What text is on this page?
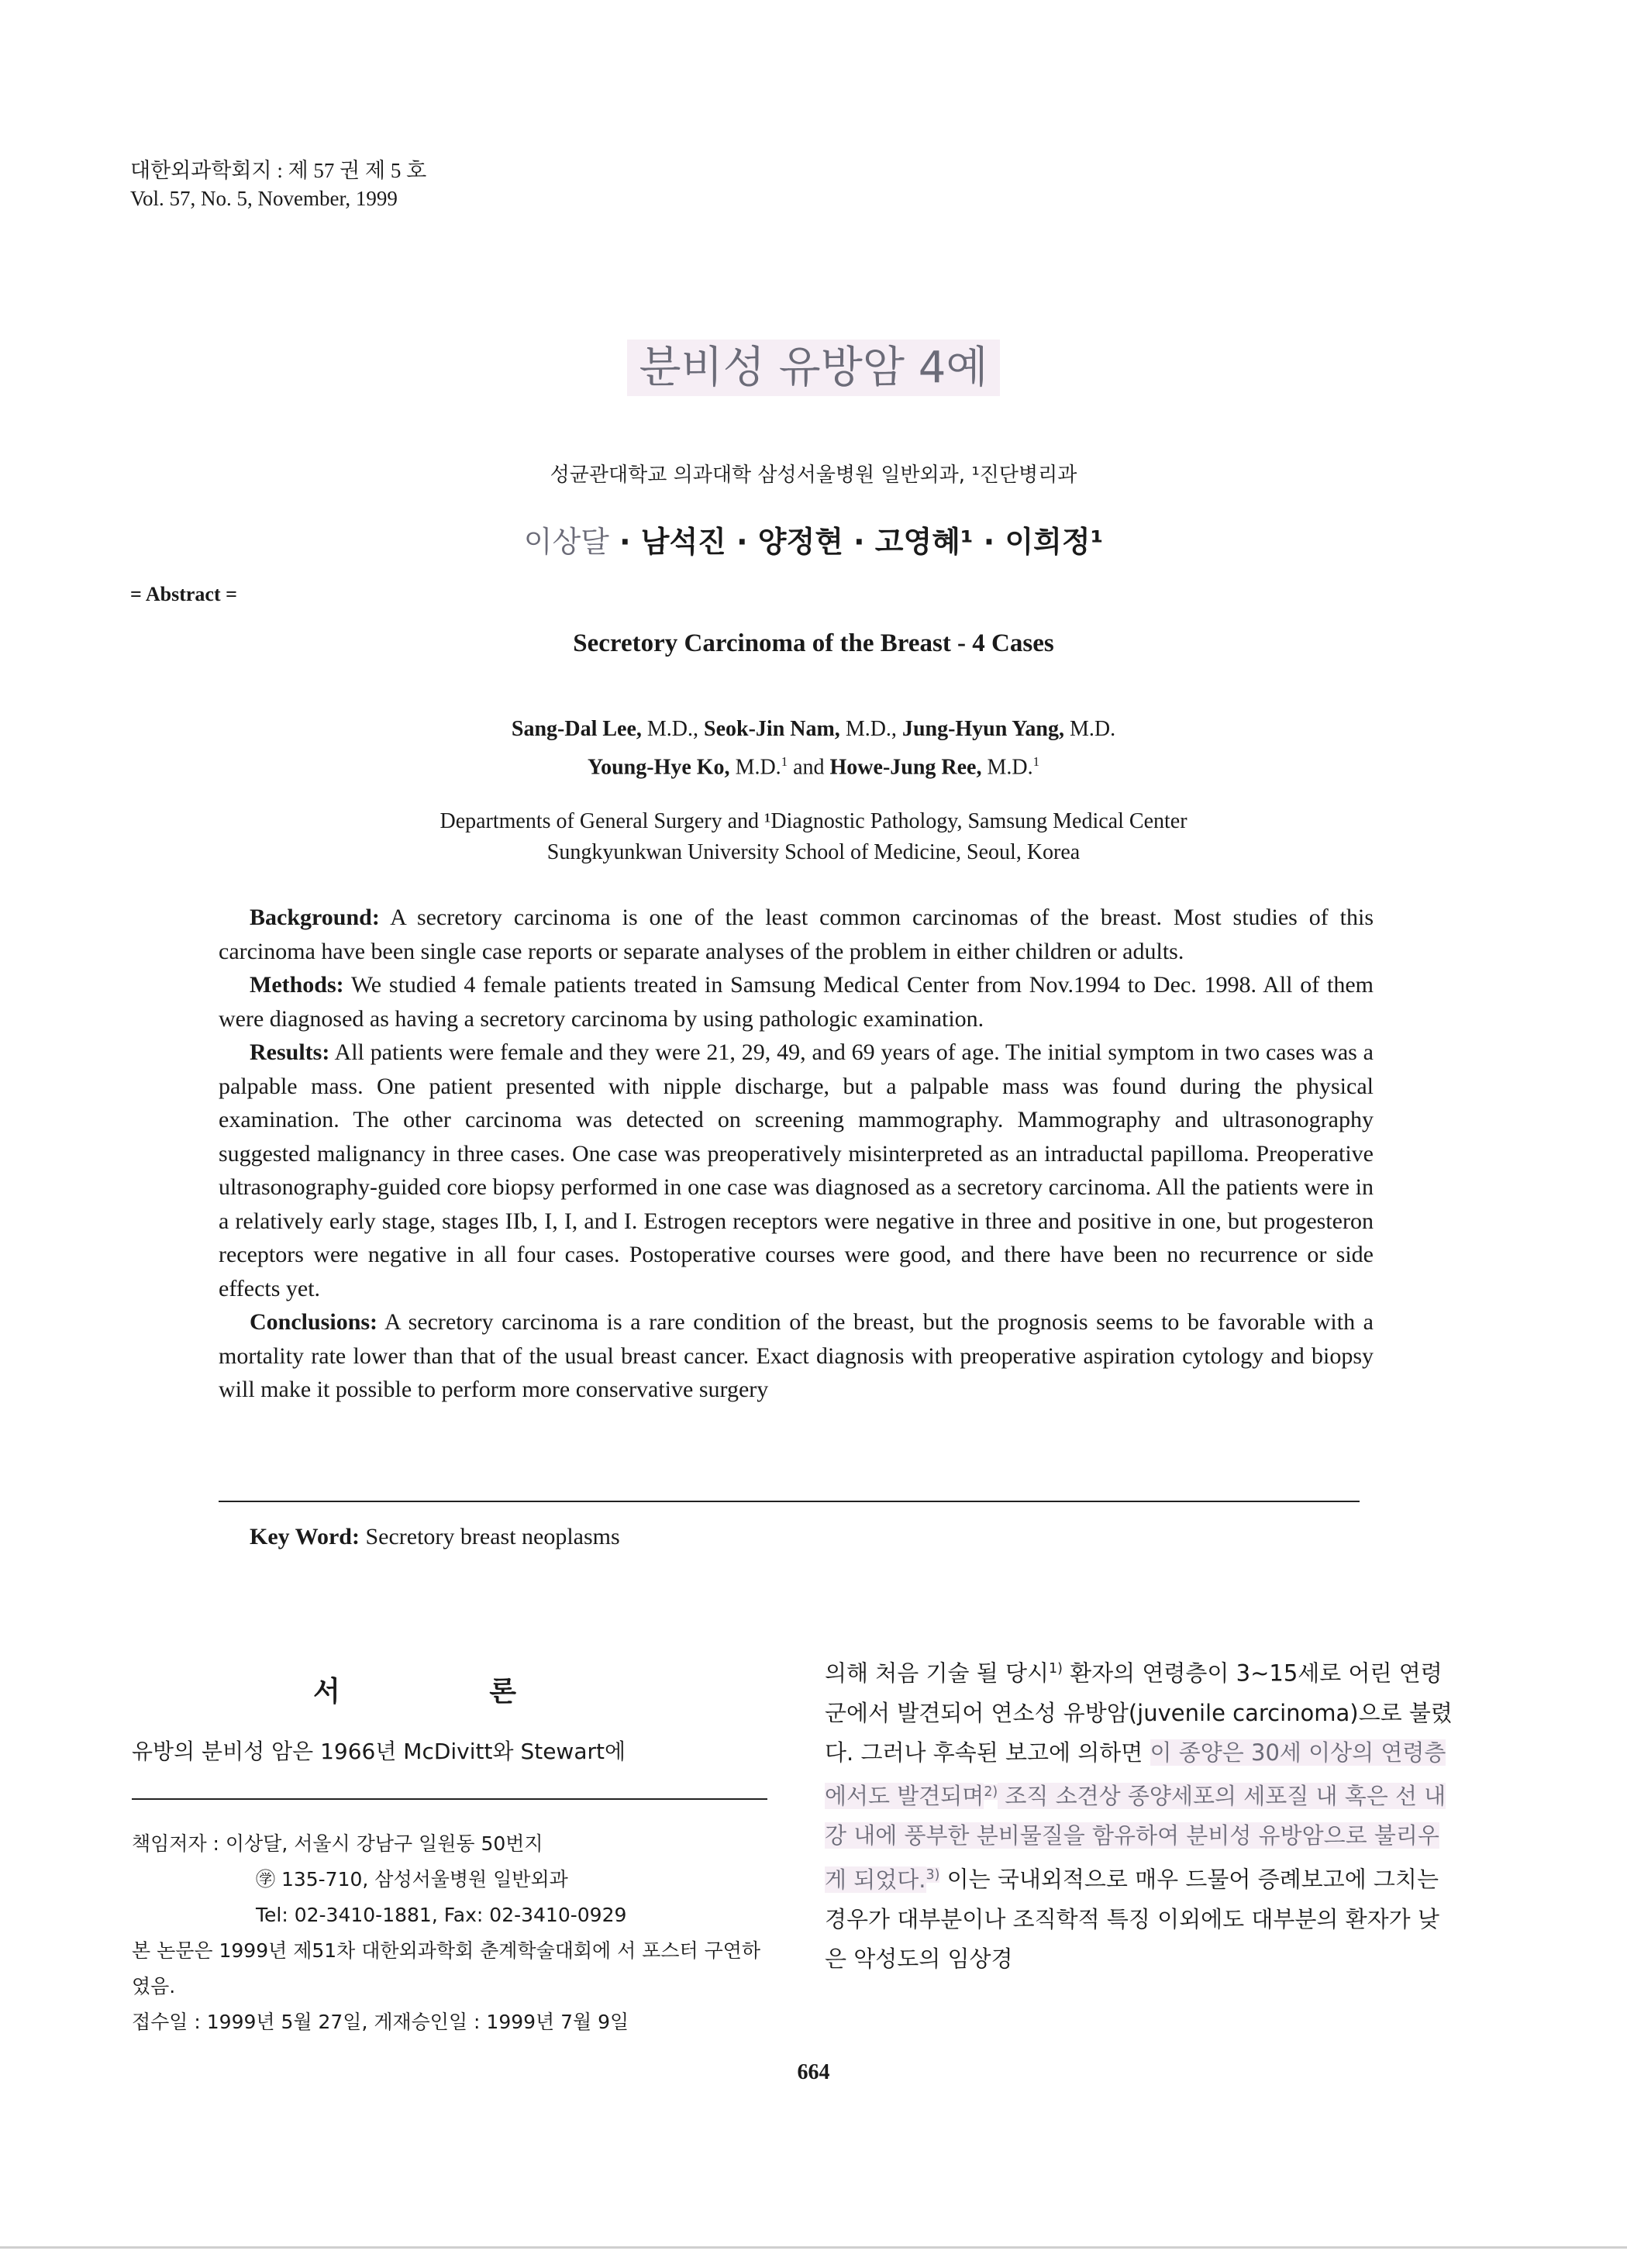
대한외과학회지 : 제 57 권 제 5 호
Vol. 57, No. 5, November, 1999
분비성 유방암 4예
성균관대학교 의과대학 삼성서울병원 일반외과, ¹진단병리과
이상달 · 남석진 · 양정현 · 고영혜¹ · 이희정¹
= Abstract =
Secretory Carcinoma of the Breast - 4 Cases
Sang-Dal Lee, M.D., Seok-Jin Nam, M.D., Jung-Hyun Yang, M.D.
Young-Hye Ko, M.D.$^1$ and Howe-Jung Ree, M.D.$^1$
Departments of General Surgery and ¹Diagnostic Pathology, Samsung Medical Center
Sungkyunkwan University School of Medicine, Seoul, Korea

Background: A secretory carcinoma is one of the least common carcinomas of the breast. Most studies of this carcinoma have been single case reports or separate analyses of the problem in either children or adults.

Methods: We studied 4 female patients treated in Samsung Medical Center from Nov.1994 to Dec. 1998. All of them were diagnosed as having a secretory carcinoma by using pathologic examination.

Results: All patients were female and they were 21, 29, 49, and 69 years of age. The initial symptom in two cases was a palpable mass. One patient presented with nipple discharge, but a palpable mass was found during the physical examination. The other carcinoma was detected on screening mammography. Mammography and ultrasonography suggested malignancy in three cases. One case was preoperatively misinterpreted as an intraductal papilloma. Preoperative ultrasonography-guided core biopsy performed in one case was diagnosed as a secretory carcinoma. All the patients were in a relatively early stage, stages IIb, I, I, and I. Estrogen receptors were negative in three and positive in one, but progesteron receptors were negative in all four cases. Postoperative courses were good, and there have been no recurrence or side effects yet.

Conclusions: A secretory carcinoma is a rare condition of the breast, but the prognosis seems to be favorable with a mortality rate lower than that of the usual breast cancer. Exact diagnosis with preoperative aspiration cytology and biopsy will make it possible to perform more conservative surgery

Key Word: Secretory breast neoplasms
서 론
유방의 분비성 암은 1966년 McDivitt와 Stewart에
책임저자 : 이상달, 서울시 강남구 일원동 50번지
㊫ 135-710, 삼성서울병원 일반외과
Tel: 02-3410-1881, Fax: 02-3410-0929
본 논문은 1999년 제51차 대한외과학회 춘계학술대회에 서 포스터 구연하였음.
접수일 : 1999년 5월 27일, 게재승인일 : 1999년 7월 9일
의해 처음 기술 될 당시$^{1)}$ 환자의 연령층이 3∼15세로 어린 연령군에서 발견되어 연소성 유방암(juvenile carcinoma)으로 불렸다. 그러나 후속된 보고에 의하면 이 종양은 30세 이상의 연령층에서도 발견되며$^{2)}$ 조직 소견상 종양세포의 세포질 내 혹은 선 내강 내에 풍부한 분비물질을 함유하여 분비성 유방암으로 불리우게 되었다.$^{3)}$ 이는 국내외적으로 매우 드물어 증례보고에 그치는 경우가 대부분이나 조직학적 특징 이외에도 대부분의 환자가 낮은 악성도의 임상경
664
